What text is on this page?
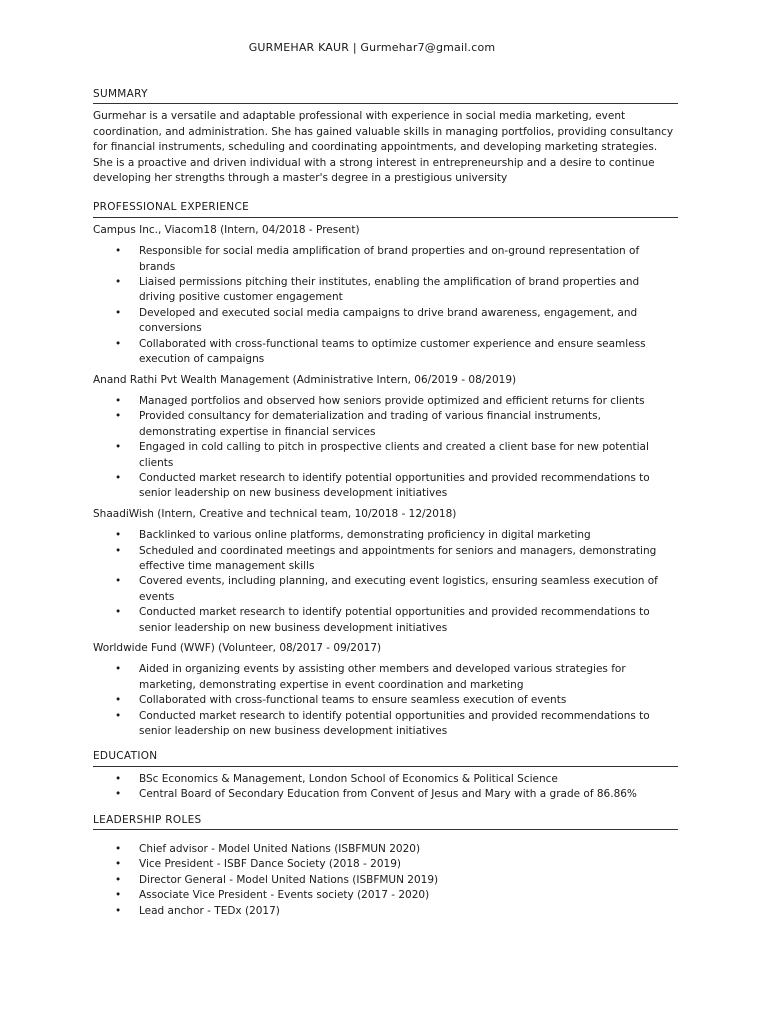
GURMEHAR KAUR | Gurmehar7@gmail.com
SUMMARY

Gurmehar is a versatile and adaptable professional with experience in social media marketing, event coordination, and administration. She has gained valuable skills in managing portfolios, providing consultancy for financial instruments, scheduling and coordinating appointments, and developing marketing strategies. She is a proactive and driven individual with a strong interest in entrepreneurship and a desire to continue developing her strengths through a master's degree in a prestigious university

PROFESSIONAL EXPERIENCE
Campus Inc., Viacom18 (Intern, 04/2018 - Present)
• Responsible for social media amplification of brand properties and on-ground representation of brands
• Liaised permissions pitching their institutes, enabling the amplification of brand properties and driving positive customer engagement
• Developed and executed social media campaigns to drive brand awareness, engagement, and conversions
• Collaborated with cross-functional teams to optimize customer experience and ensure seamless execution of campaigns
Anand Rathi Pvt Wealth Management (Administrative Intern, 06/2019 - 08/2019)
• Managed portfolios and observed how seniors provide optimized and efficient returns for clients
• Provided consultancy for dematerialization and trading of various financial instruments, demonstrating expertise in financial services
• Engaged in cold calling to pitch in prospective clients and created a client base for new potential clients
• Conducted market research to identify potential opportunities and provided recommendations to senior leadership on new business development initiatives
ShaadiWish (Intern, Creative and technical team, 10/2018 - 12/2018)
• Backlinked to various online platforms, demonstrating proficiency in digital marketing
• Scheduled and coordinated meetings and appointments for seniors and managers, demonstrating effective time management skills
• Covered events, including planning, and executing event logistics, ensuring seamless execution of events
• Conducted market research to identify potential opportunities and provided recommendations to senior leadership on new business development initiatives
Worldwide Fund (WWF) (Volunteer, 08/2017 - 09/2017)
• Aided in organizing events by assisting other members and developed various strategies for marketing, demonstrating expertise in event coordination and marketing
• Collaborated with cross-functional teams to ensure seamless execution of events
• Conducted market research to identify potential opportunities and provided recommendations to senior leadership on new business development initiatives
EDUCATION
• BSc Economics & Management, London School of Economics & Political Science
• Central Board of Secondary Education from Convent of Jesus and Mary with a grade of 86.86%
LEADERSHIP ROLES
• Chief advisor - Model United Nations (ISBFMUN 2020)
• Vice President - ISBF Dance Society (2018 - 2019)
• Director General - Model United Nations (ISBFMUN 2019)
• Associate Vice President - Events society (2017 - 2020)
• Lead anchor - TEDx (2017)
